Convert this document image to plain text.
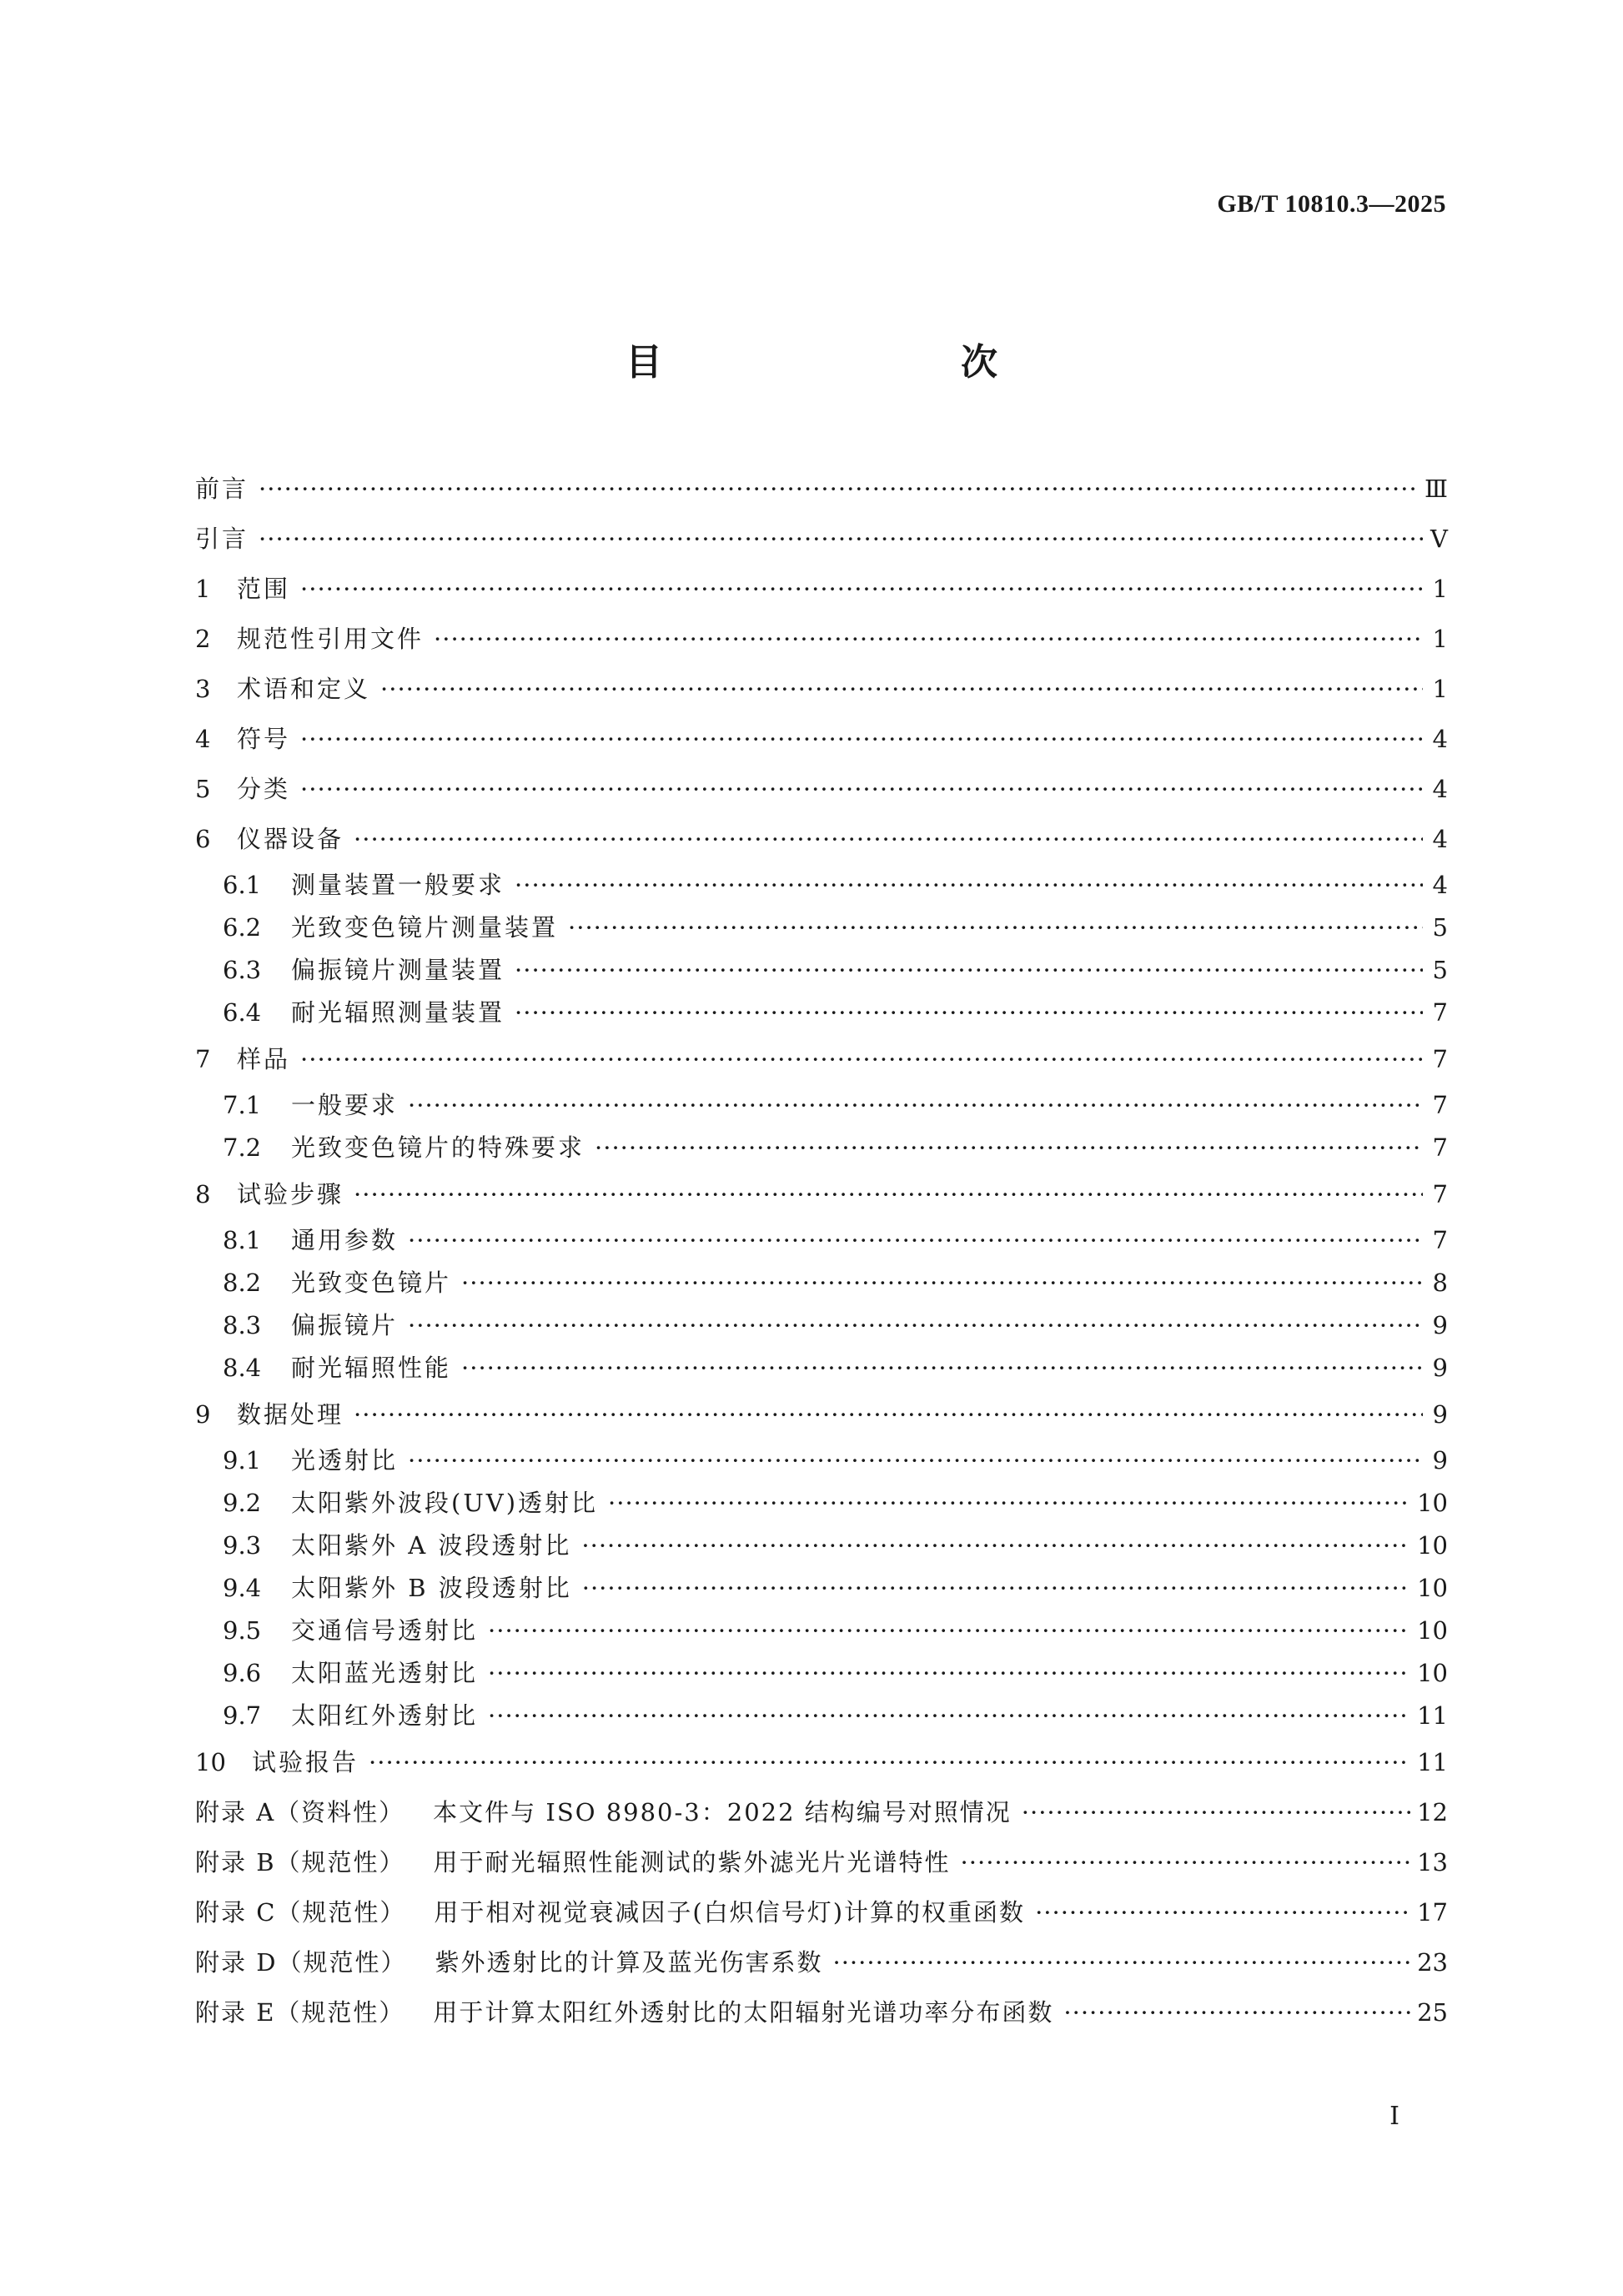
GB/T 10810.3—2025
目　　次
前言 ·····	Ⅲ
引言 ·····	Ⅴ
1	范围 ·····	1
2	规范性引用文件 ·····	1
3	术语和定义 ·····	1
4	符号 ·····	4
5	分类 ·····	4
6	仪器设备 ·····	4
6.1	测量装置一般要求 ·····	4
6.2	光致变色镜片测量装置 ·····	5
6.3	偏振镜片测量装置 ·····	5
6.4	耐光辐照测量装置 ·····	7
7	样品 ·····	7
7.1	一般要求 ·····	7
7.2	光致变色镜片的特殊要求 ·····	7
8	试验步骤 ·····	7
8.1	通用参数 ·····	7
8.2	光致变色镜片 ·····	8
8.3	偏振镜片 ·····	9
8.4	耐光辐照性能 ·····	9
9	数据处理 ·····	9
9.1	光透射比 ·····	9
9.2	太阳紫外波段(UV)透射比 ·····	10
9.3	太阳紫外 A 波段透射比 ·····	10
9.4	太阳紫外 B 波段透射比 ·····	10
9.5	交通信号透射比 ·····	10
9.6	太阳蓝光透射比 ·····	10
9.7	太阳红外透射比 ·····	11
10	试验报告 ·····	11
附录 A（资料性） 本文件与 ISO 8980-3：2022 结构编号对照情况 ·····	12
附录 B（规范性） 用于耐光辐照性能测试的紫外滤光片光谱特性 ·····	13
附录 C（规范性） 用于相对视觉衰减因子(白炽信号灯)计算的权重函数 ·····	17
附录 D（规范性） 紫外透射比的计算及蓝光伤害系数 ·····	23
附录 E（规范性） 用于计算太阳红外透射比的太阳辐射光谱功率分布函数 ·····	25
Ⅰ
